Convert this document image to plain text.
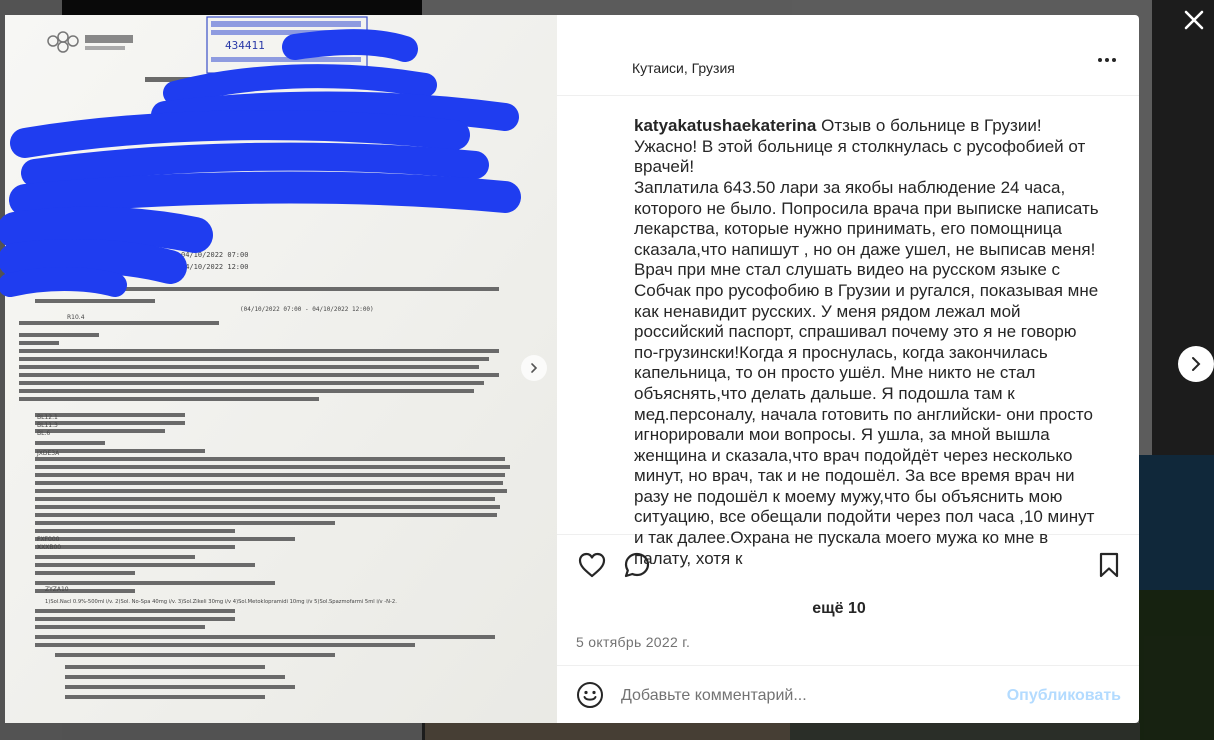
434411 05.10.22
04/10/2022 07:00
04/10/2022 12:00
(04/10/2022 07:00 - 04/10/2022 12:00)
R10.4
BL12.1
BL11.3
BL.6
JXDE3A
FXF000
XXXB00
ZYZA10
1)Sol.Nacl 0.9%-500ml i/v. 2)Sol. No-Spa 40mg i/v. 3)Sol.Zikeli 30mg i/v 4)Sol.Metoklopramidi 10mg i/v 5)Sol.Spazmofarmi 5ml i/v -N-2.
Кутаиси, Грузия
katyakatushaekaterina Отзыв о больнице в Грузии! Ужасно! В этой больнице я столкнулась с русофобией от врачей!
Заплатила 643.50 лари за якобы наблюдение 24 часа, которого не было. Попросила врача при выписке написать лекарства, которые нужно принимать, его помощница сказала,что напишут , но он даже ушел, не выписав меня!
Врач при мне стал слушать видео на русском языке с Собчак про русофобию в Грузии и ругался, показывая мне как ненавидит русских. У меня рядом лежал мой российский паспорт, спрашивал почему это я не говорю по-грузински!Когда я проснулась, когда закончилась капельница, то он просто ушёл. Мне никто не стал объяснять,что делать дальше. Я подошла там к мед.персоналу, начала готовить по английски- они просто игнорировали мои вопросы. Я ушла, за мной вышла женщина и сказала,что врач подойдёт через несколько минут, но врач, так и не подошёл. За все время врач ни разу не подошёл к моему мужу,что бы объяснить мою ситуацию, все обещали подойти через пол часа ,10 минут и так далее.Охрана не пускала моего мужа ко мне в палату, хотя к
ещё 10
5 октябрь 2022 г.
Добавьте комментарий...
Опубликовать
